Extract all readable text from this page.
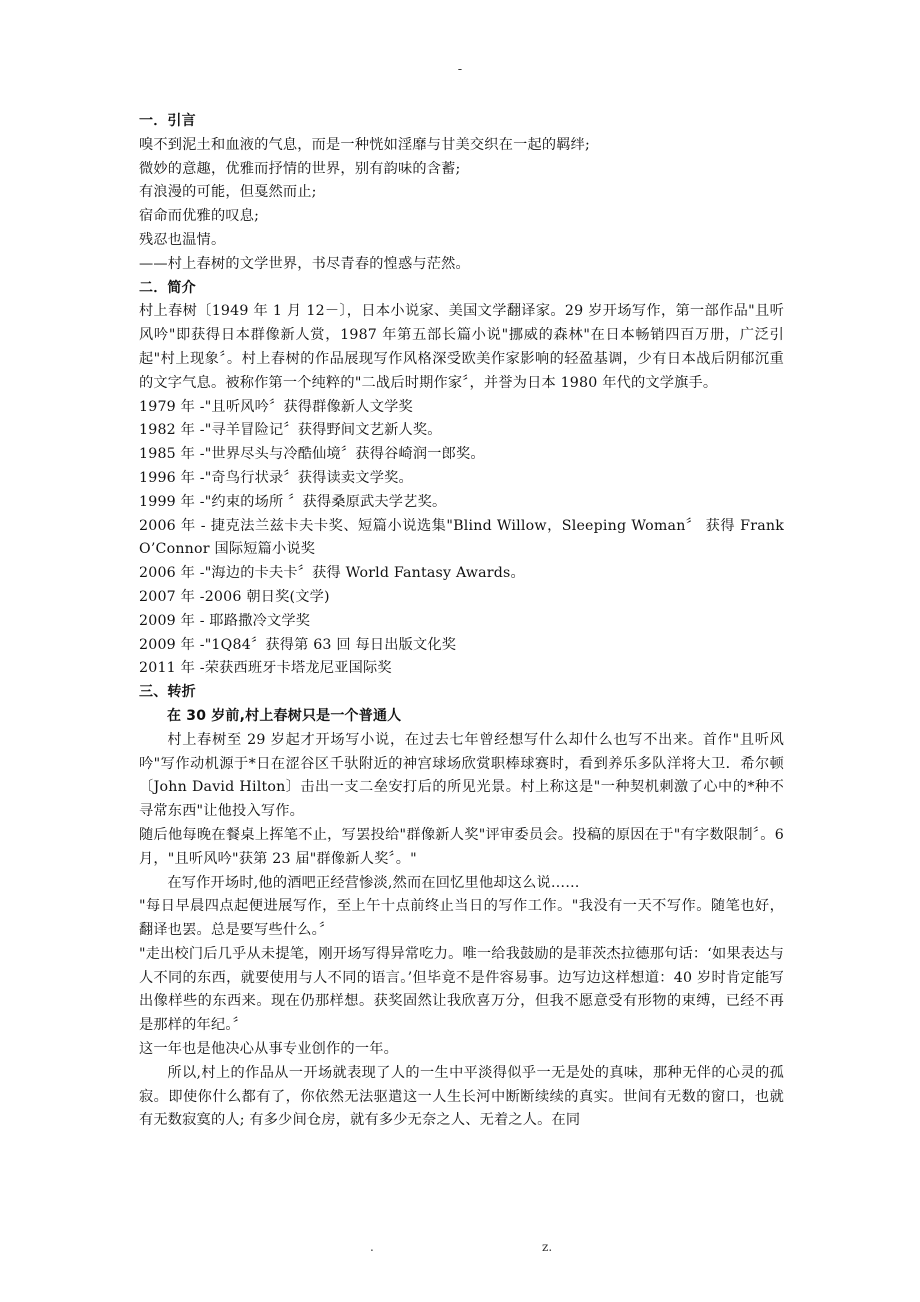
-

一．引言

嗅不到泥土和血液的气息，而是一种恍如淫靡与甘美交织在一起的羁绊;

微妙的意趣，优雅而抒情的世界，别有韵味的含蓄;

有浪漫的可能，但戛然而止;

宿命而优雅的叹息;

残忍也温情。

——村上春树的文学世界，书尽青春的惶惑与茫然。

二．简介

村上春树〔1949 年 1 月 12－〕，日本小说家、美国文学翻译家。29 岁开场写作，第一部作品"且听风吟"即获得日本群像新人赏，1987 年第五部长篇小说"挪威的森林"在日本畅销四百万册，广泛引起"村上现象〞。村上春树的作品展现写作风格深受欧美作家影响的轻盈基调，少有日本战后阴郁沉重的文字气息。被称作第一个纯粹的"二战后时期作家〞，并誉为日本 1980 年代的文学旗手。

1979 年 -"且听风吟〞获得群像新人文学奖

1982 年 -"寻羊冒险记〞获得野间文艺新人奖。

1985 年 -"世界尽头与冷酷仙境〞获得谷崎润一郎奖。

1996 年 -"奇鸟行状录〞获得读卖文学奖。

1999 年 -"约束的场所 〞获得桑原武夫学艺奖。

2006 年 - 捷克法兰兹卡夫卡奖、短篇小说选集"Blind Willow，Sleeping Woman〞 获得 Frank O’Connor 国际短篇小说奖

2006 年 -"海边的卡夫卡〞获得 World Fantasy Awards。

2007 年 -2006 朝日奖(文学)

2009 年 - 耶路撒冷文学奖

2009 年 -"1Q84〞获得第 63 回 每日出版文化奖

2011 年 -荣获西班牙卡塔龙尼亚国际奖

三、转折

在 30 岁前,村上春树只是一个普通人

村上春树至 29 岁起才开场写小说，在过去七年曾经想写什么却什么也写不出来。首作"且听风吟"写作动机源于*日在涩谷区千驮附近的神宫球场欣赏职棒球赛时，看到养乐多队洋将大卫．希尔顿〔John David Hilton〕击出一支二垒安打后的所见光景。村上称这是"一种契机刺激了心中的*种不寻常东西"让他投入写作。

随后他每晚在餐桌上挥笔不止，写罢投给"群像新人奖"评审委员会。投稿的原因在于"有字数限制〞。6 月，"且听风吟"获第 23 届"群像新人奖〞。"

在写作开场时,他的酒吧正经营惨淡,然而在回忆里他却这么说……

"每日早晨四点起便进展写作，至上午十点前终止当日的写作工作。"我没有一天不写作。随笔也好，翻译也罢。总是要写些什么。〞

"走出校门后几乎从未提笔，刚开场写得异常吃力。唯一给我鼓励的是菲茨杰拉德那句话：‘如果表达与人不同的东西，就要使用与人不同的语言。’但毕竟不是件容易事。边写边这样想道：40 岁时肯定能写出像样些的东西来。现在仍那样想。获奖固然让我欣喜万分，但我不愿意受有形物的束缚，已经不再是那样的年纪。〞

这一年也是他决心从事专业创作的一年。

所以,村上的作品从一开场就表现了人的一生中平淡得似乎一无是处的真味，那种无伴的心灵的孤寂。即使你什么都有了，你依然无法驱遣这一人生长河中断断续续的真实。世间有无数的窗口，也就有无数寂寞的人; 有多少间仓房，就有多少无奈之人、无着之人。在同

.	z.
